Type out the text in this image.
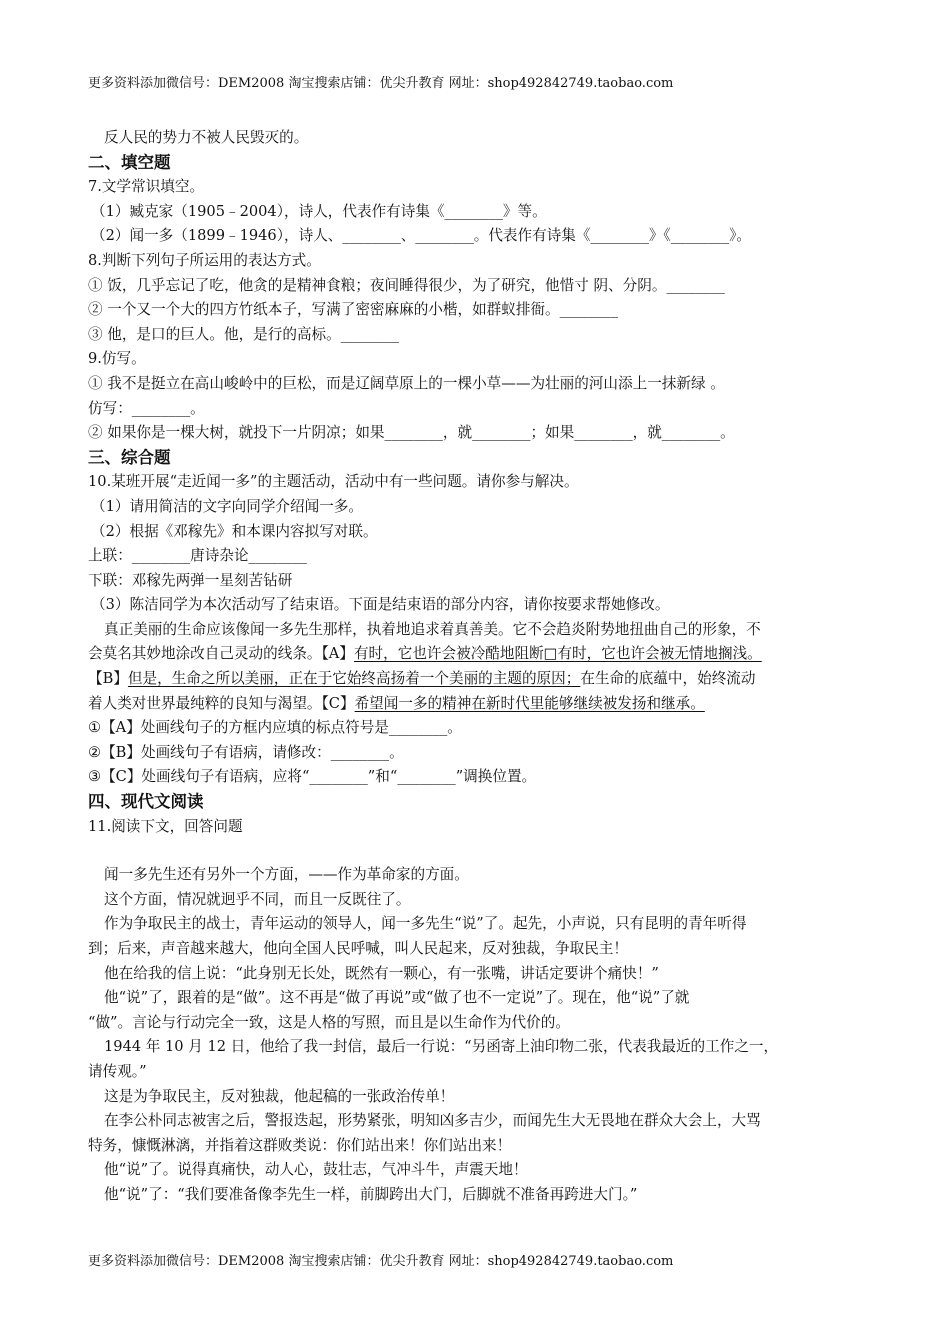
更多资料添加微信号：DEM2008 淘宝搜索店铺：优尖升教育 网址：shop492842749.taobao.com
反人民的势力不被人民毁灭的。
二、填空题
7.文学常识填空。
（1）臧克家（1905﹣2004），诗人，代表作有诗集《________》等。
（2）闻一多（1899﹣1946），诗人、________、________。代表作有诗集《________》《________》。
8.判断下列句子所运用的表达方式。
① 饭，几乎忘记了吃，他贪的是精神食粮；夜间睡得很少，为了研究，他惜寸 阴、分阴。________
② 一个又一个大的四方竹纸本子，写满了密密麻麻的小楷，如群蚁排衙。________
③ 他，是口的巨人。他，是行的高标。________
9.仿写。
① 我不是挺立在高山峻岭中的巨松，而是辽阔草原上的一棵小草——为壮丽的河山添上一抹新绿 。
仿写：________。
② 如果你是一棵大树，就投下一片阴凉；如果________，就________；如果________，就________。
三、综合题
10.某班开展“走近闻一多”的主题活动，活动中有一些问题。请你参与解决。
（1）请用简洁的文字向同学介绍闻一多。
（2）根据《邓稼先》和本课内容拟写对联。
上联：________唐诗杂论________
下联：邓稼先两弹一星刻苦钻研
（3）陈洁同学为本次活动写了结束语。下面是结束语的部分内容，请你按要求帮她修改。
真正美丽的生命应该像闻一多先生那样，执着地追求着真善美。它不会趋炎附势地扭曲自己的形象，不
会莫名其妙地涂改自己灵动的线条。【A】有时，它也许会被冷酷地阻断□有时，它也许会被无情地搁浅。
【B】但是，生命之所以美丽，正在于它始终高扬着一个美丽的主题的原因；在生命的底蕴中，始终流动
着人类对世界最纯粹的良知与渴望。【C】希望闻一多的精神在新时代里能够继续被发扬和继承。
①【A】处画线句子的方框内应填的标点符号是________。
②【B】处画线句子有语病，请修改：________。
③【C】处画线句子有语病，应将“________”和“________”调换位置。
四、现代文阅读
11.阅读下文，回答问题
闻一多先生还有另外一个方面，——作为革命家的方面。
这个方面，情况就迥乎不同，而且一反既往了。
作为争取民主的战士，青年运动的领导人，闻一多先生“说”了。起先，小声说，只有昆明的青年听得
到；后来，声音越来越大，他向全国人民呼喊，叫人民起来，反对独裁，争取民主！
他在给我的信上说：“此身别无长处，既然有一颗心，有一张嘴，讲话定要讲个痛快！”
他“说”了，跟着的是“做”。这不再是“做了再说”或“做了也不一定说”了。现在，他“说”了就
“做”。言论与行动完全一致，这是人格的写照，而且是以生命作为代价的。
1944 年 10 月 12 日，他给了我一封信，最后一行说：“另函寄上油印物二张，代表我最近的工作之一，
请传观。”
这是为争取民主，反对独裁，他起稿的一张政治传单！
在李公朴同志被害之后，警报迭起，形势紧张，明知凶多吉少，而闻先生大无畏地在群众大会上，大骂
特务，慷慨淋漓，并指着这群败类说：你们站出来！你们站出来！
他“说”了。说得真痛快，动人心，鼓壮志，气冲斗牛，声震天地！
他“说”了：“我们要准备像李先生一样，前脚跨出大门，后脚就不准备再跨进大门。”
更多资料添加微信号：DEM2008 淘宝搜索店铺：优尖升教育 网址：shop492842749.taobao.com
